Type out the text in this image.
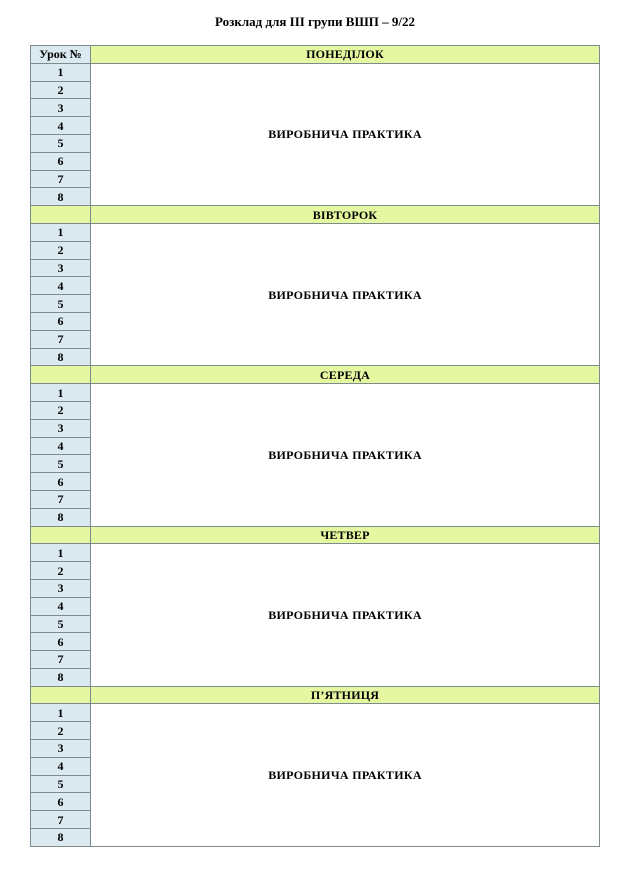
Розклад для ІІІ групи ВШП – 9/22
Урок №	ПОНЕДІЛОК
1	ВИРОБНИЧА ПРАКТИКА
2	
3	
4	
5	
6	
7	
8	
	ВІВТОРОК
1	ВИРОБНИЧА ПРАКТИКА
2	
3	
4	
5	
6	
7	
8	
	СЕРЕДА
1	ВИРОБНИЧА ПРАКТИКА
2	
3	
4	
5	
6	
7	
8	
	ЧЕТВЕР
1	ВИРОБНИЧА ПРАКТИКА
2	
3	
4	
5	
6	
7	
8	
	П’ЯТНИЦЯ
1	ВИРОБНИЧА ПРАКТИКА
2	
3	
4	
5	
6	
7	
8	
